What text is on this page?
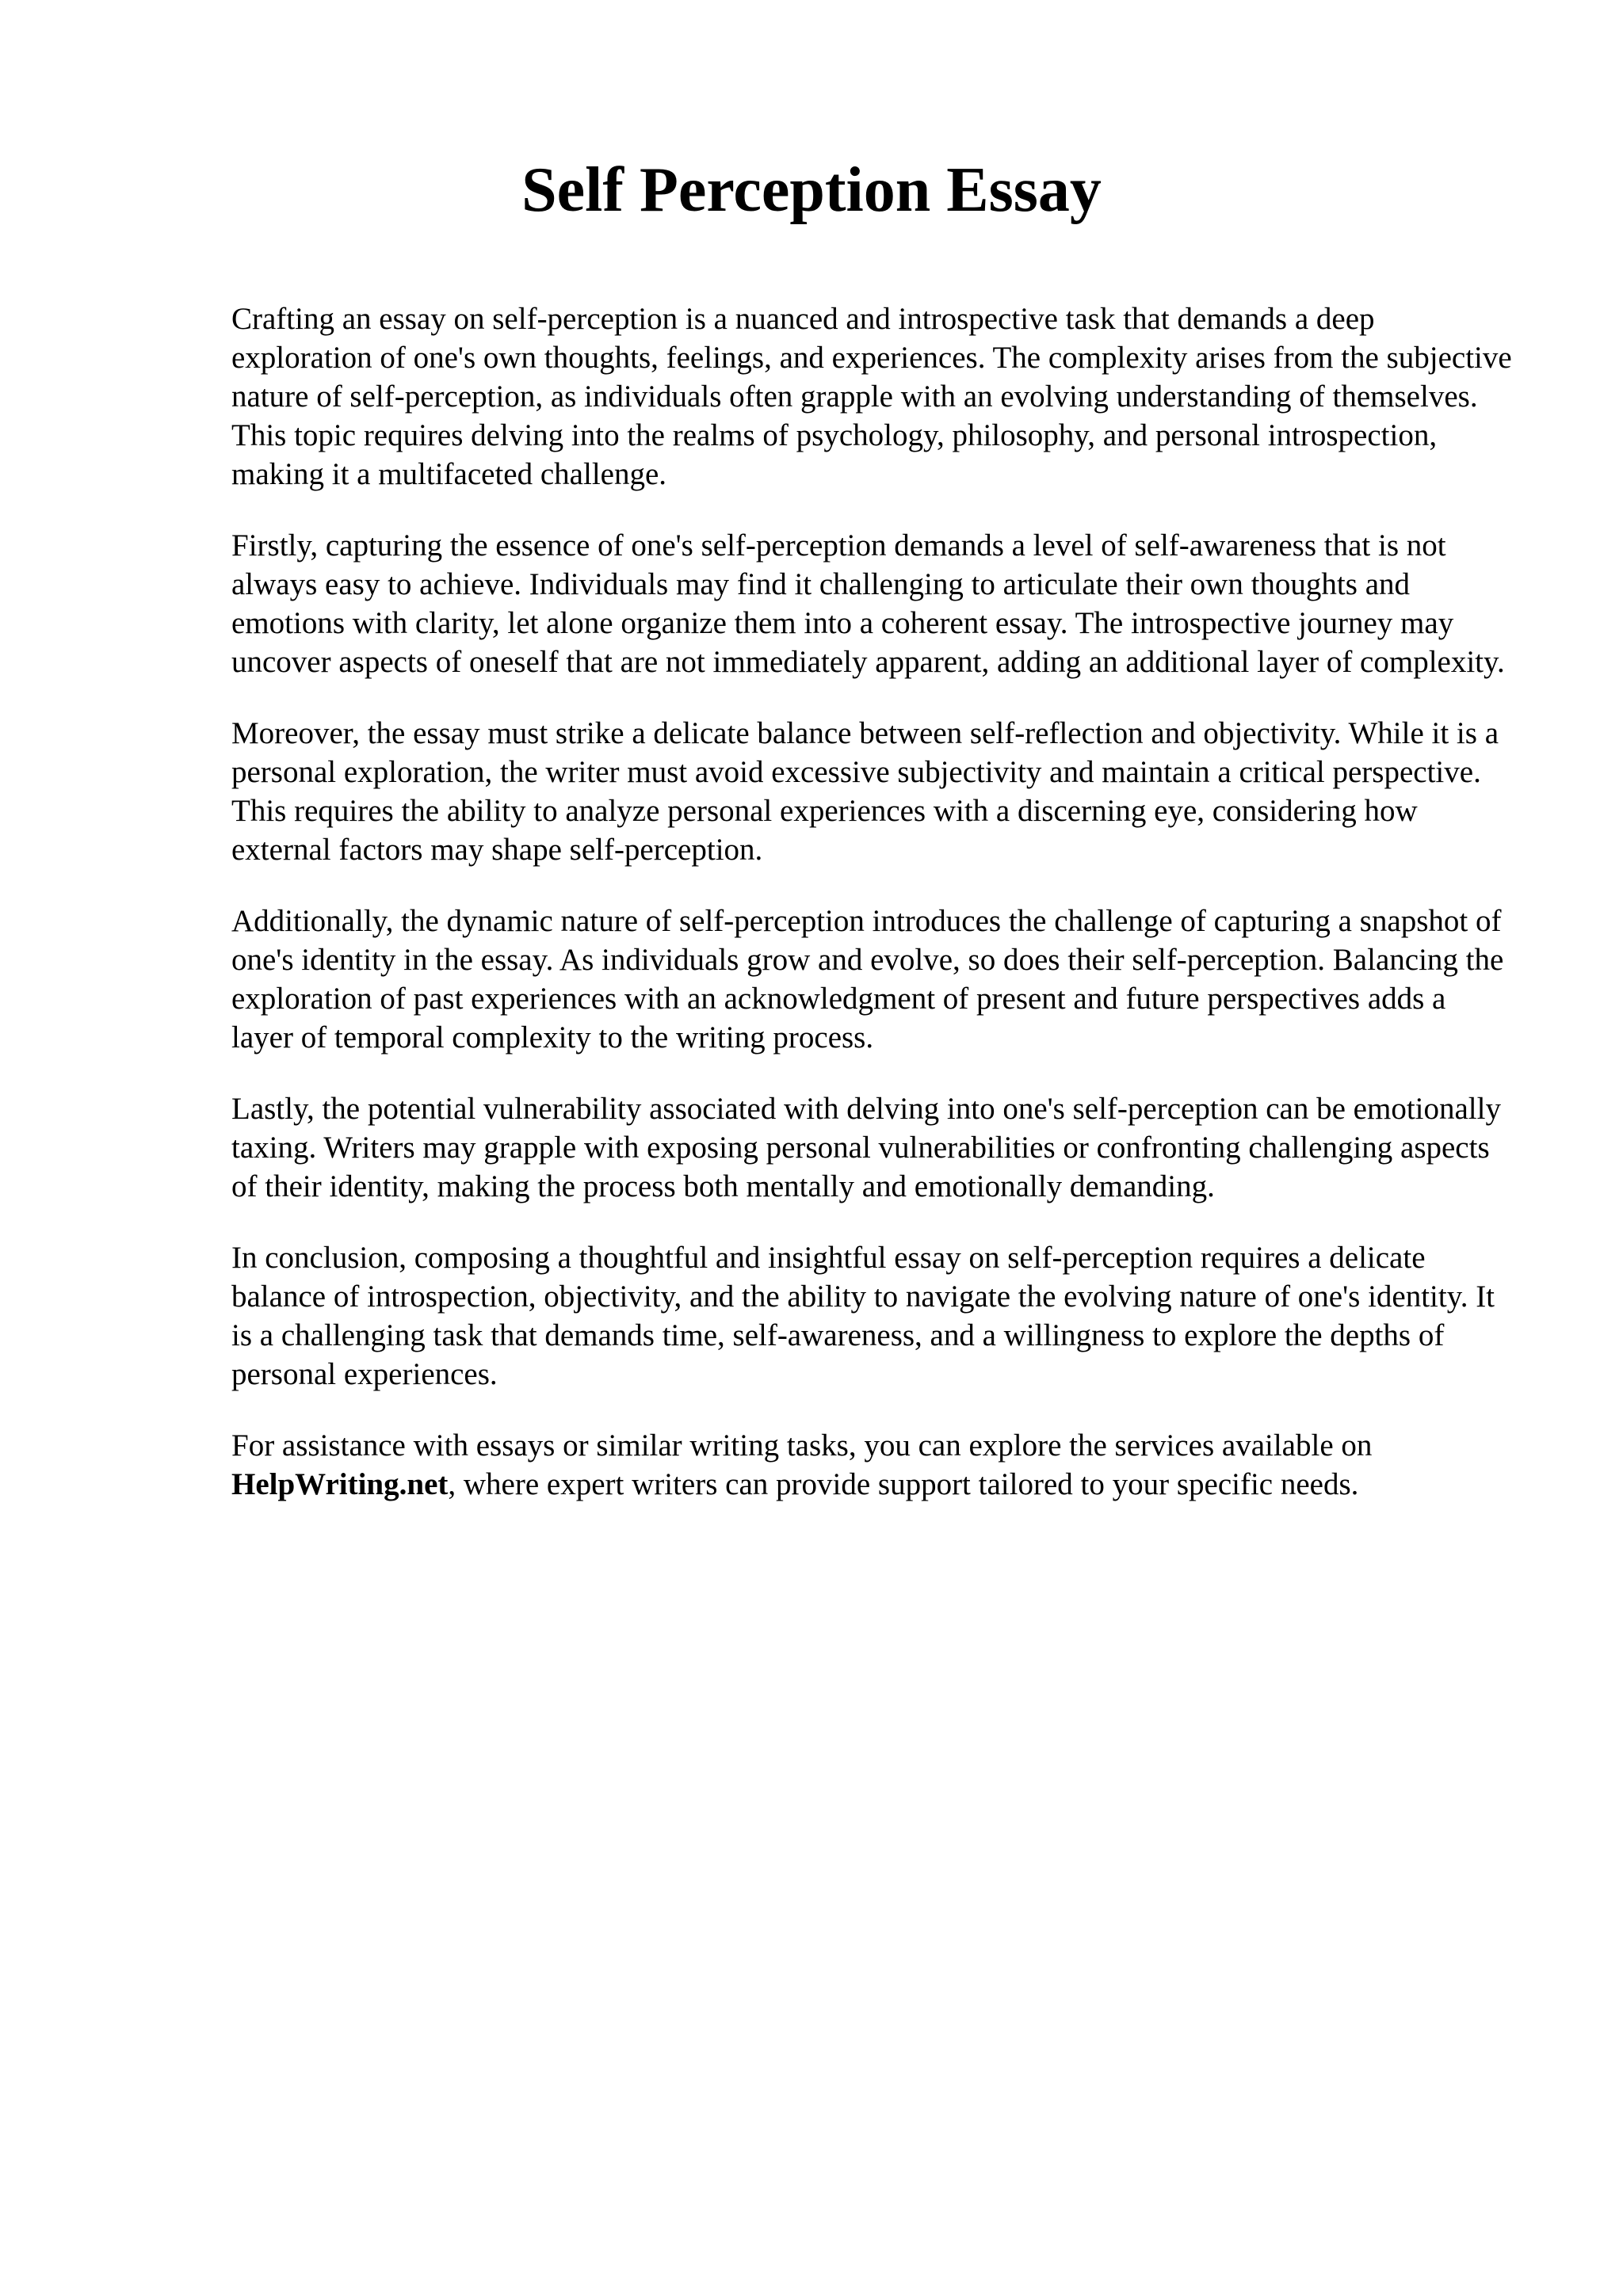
Self Perception Essay

Crafting an essay on self-perception is a nuanced and introspective task that demands a deep exploration of one's own thoughts, feelings, and experiences. The complexity arises from the subjective nature of self-perception, as individuals often grapple with an evolving understanding of themselves. This topic requires delving into the realms of psychology, philosophy, and personal introspection, making it a multifaceted challenge.

Firstly, capturing the essence of one's self-perception demands a level of self-awareness that is not always easy to achieve. Individuals may find it challenging to articulate their own thoughts and emotions with clarity, let alone organize them into a coherent essay. The introspective journey may uncover aspects of oneself that are not immediately apparent, adding an additional layer of complexity.

Moreover, the essay must strike a delicate balance between self-reflection and objectivity. While it is a personal exploration, the writer must avoid excessive subjectivity and maintain a critical perspective. This requires the ability to analyze personal experiences with a discerning eye, considering how external factors may shape self-perception.

Additionally, the dynamic nature of self-perception introduces the challenge of capturing a snapshot of one's identity in the essay. As individuals grow and evolve, so does their self-perception. Balancing the exploration of past experiences with an acknowledgment of present and future perspectives adds a layer of temporal complexity to the writing process.

Lastly, the potential vulnerability associated with delving into one's self-perception can be emotionally taxing. Writers may grapple with exposing personal vulnerabilities or confronting challenging aspects of their identity, making the process both mentally and emotionally demanding.

In conclusion, composing a thoughtful and insightful essay on self-perception requires a delicate balance of introspection, objectivity, and the ability to navigate the evolving nature of one's identity. It is a challenging task that demands time, self-awareness, and a willingness to explore the depths of personal experiences.

For assistance with essays or similar writing tasks, you can explore the services available on
HelpWriting.net, where expert writers can provide support tailored to your specific needs.
